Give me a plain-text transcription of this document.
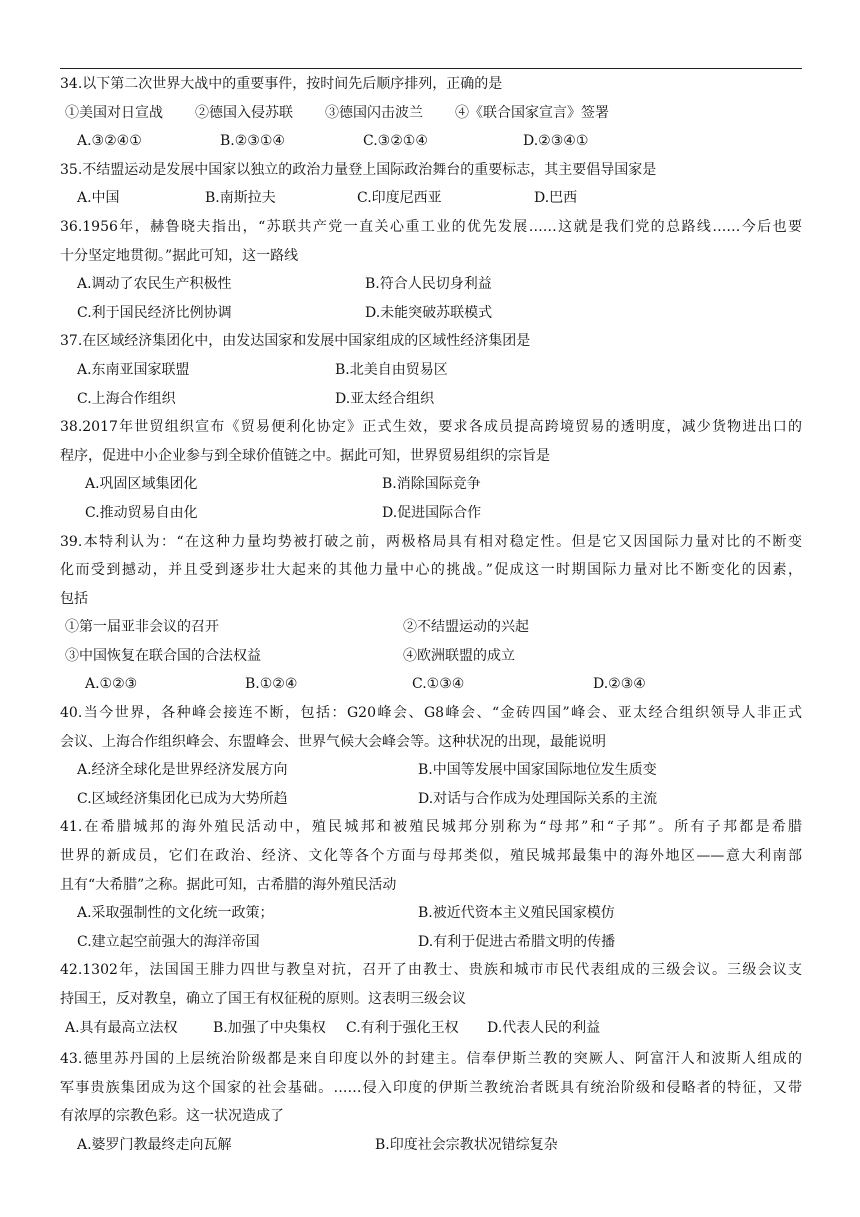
34.以下第二次世界大战中的重要事件，按时间先后顺序排列，正确的是
①美国对日宣战 ②德国入侵苏联 ③德国闪击波兰 ④《联合国家宣言》签署
A.③②④①	B.②③①④	C.③②①④	D.②③④①
35.不结盟运动是发展中国家以独立的政治力量登上国际政治舞台的重要标志，其主要倡导国家是
A.中国	B.南斯拉夫	C.印度尼西亚	D.巴西
36.1956年，赫鲁晓夫指出，“苏联共产党一直关心重工业的优先发展……这就是我们党的总路线……今后也要
十分坚定地贯彻。”据此可知，这一路线
A.调动了农民生产积极性	B.符合人民切身利益
C.利于国民经济比例协调	D.未能突破苏联模式
37.在区域经济集团化中，由发达国家和发展中国家组成的区域性经济集团是
A.东南亚国家联盟	B.北美自由贸易区
C.上海合作组织	D.亚太经合组织
38.2017年世贸组织宣布《贸易便利化协定》正式生效，要求各成员提高跨境贸易的透明度，减少货物进出口的
程序，促进中小企业参与到全球价值链之中。据此可知，世界贸易组织的宗旨是
A.巩固区域集团化	B.消除国际竞争
C.推动贸易自由化	D.促进国际合作
39.本特利认为：“在这种力量均势被打破之前，两极格局具有相对稳定性。但是它又因国际力量对比的不断变
化而受到撼动，并且受到逐步壮大起来的其他力量中心的挑战。”促成这一时期国际力量对比不断变化的因素，
包括
①第一届亚非会议的召开	②不结盟运动的兴起
③中国恢复在联合国的合法权益	④欧洲联盟的成立
A.①②③	B.①②④	C.①③④	D.②③④
40.当今世界，各种峰会接连不断，包括：G20峰会、G8峰会、“金砖四国”峰会、亚太经合组织领导人非正式
会议、上海合作组织峰会、东盟峰会、世界气候大会峰会等。这种状况的出现，最能说明
A.经济全球化是世界经济发展方向	B.中国等发展中国家国际地位发生质变
C.区域经济集团化已成为大势所趋	D.对话与合作成为处理国际关系的主流
41.在希腊城邦的海外殖民活动中，殖民城邦和被殖民城邦分别称为“母邦”和“子邦”。所有子邦都是希腊
世界的新成员，它们在政治、经济、文化等各个方面与母邦类似，殖民城邦最集中的海外地区——意大利南部
且有“大希腊”之称。据此可知，古希腊的海外殖民活动
A.采取强制性的文化统一政策；	B.被近代资本主义殖民国家模仿
C.建立起空前强大的海洋帝国	D.有利于促进古希腊文明的传播
42.1302年，法国国王腓力四世与教皇对抗，召开了由教士、贵族和城市市民代表组成的三级会议。三级会议支
持国王，反对教皇，确立了国王有权征税的原则。这表明三级会议
A.具有最高立法权	B.加强了中央集权 C.有利于强化王权 D.代表人民的利益
43.德里苏丹国的上层统治阶级都是来自印度以外的封建主。信奉伊斯兰教的突厥人、阿富汗人和波斯人组成的
军事贵族集团成为这个国家的社会基础。……侵入印度的伊斯兰教统治者既具有统治阶级和侵略者的特征，又带
有浓厚的宗教色彩。这一状况造成了
A.婆罗门教最终走向瓦解	B.印度社会宗教状况错综复杂
